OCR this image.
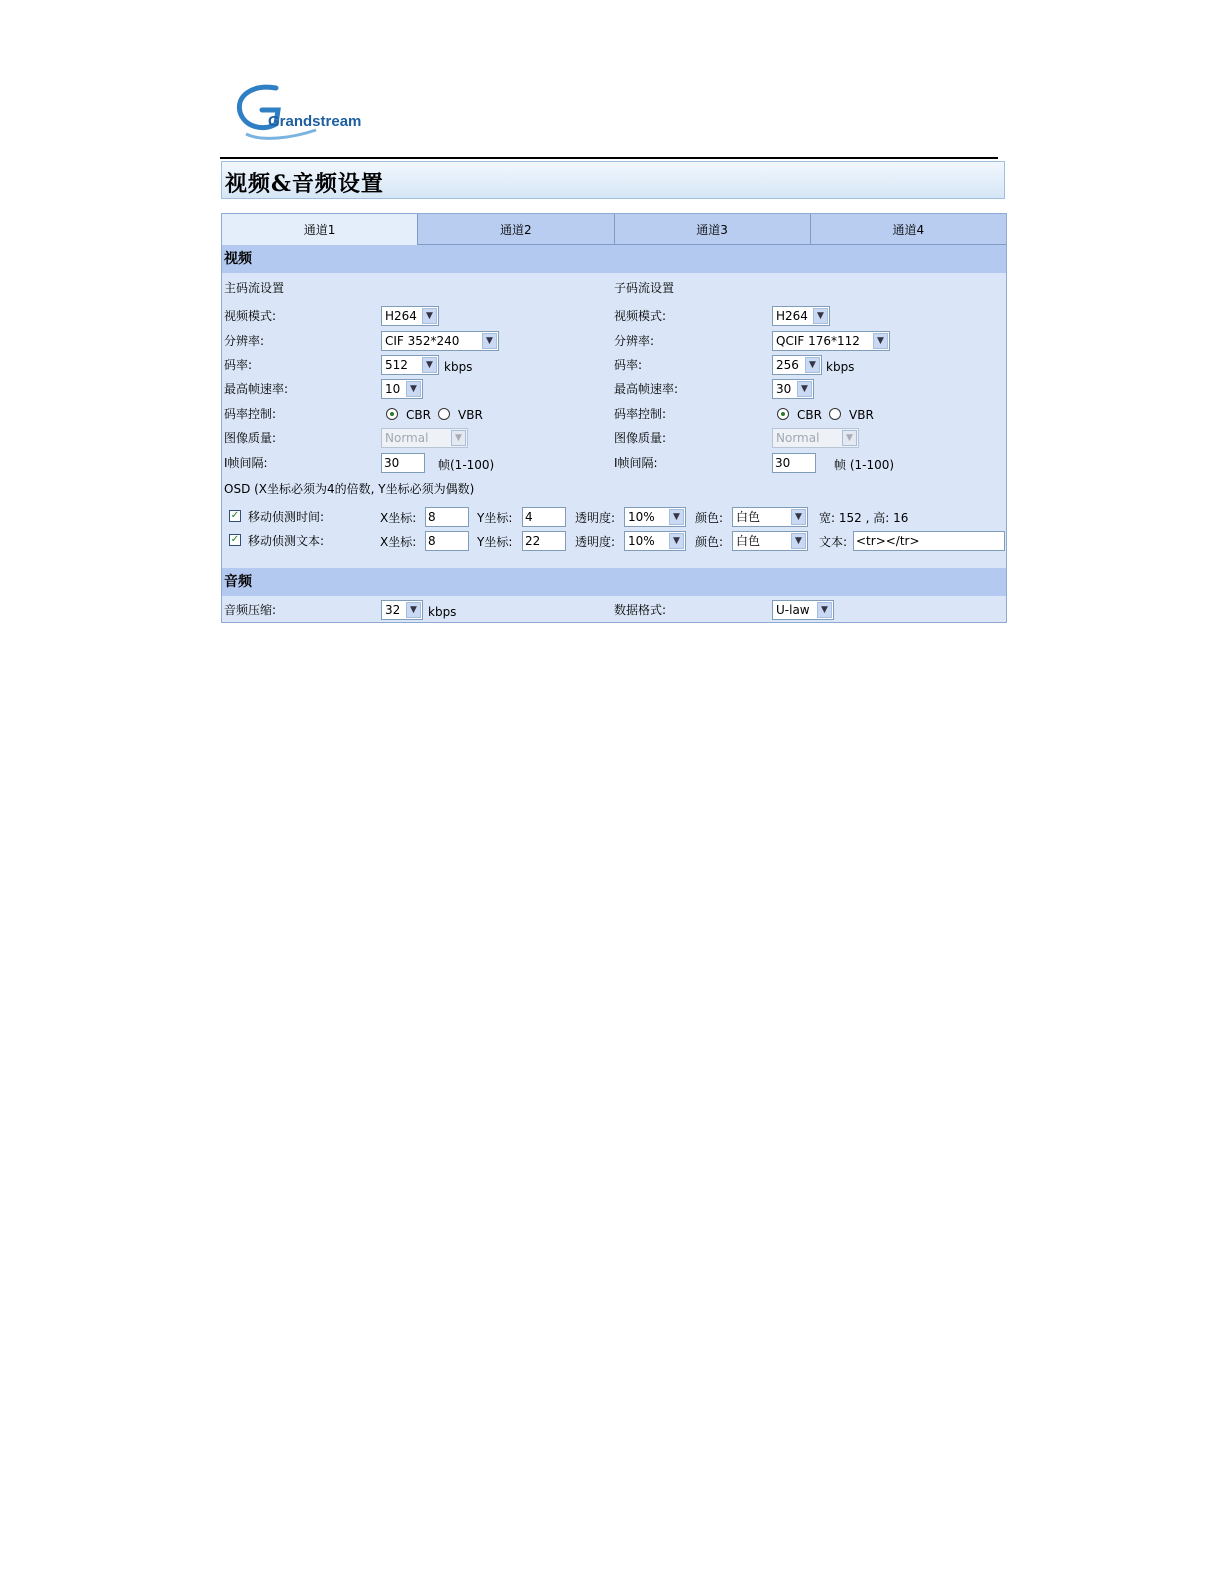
Grandstream
视频&音频设置
通道1	通道2	通道3	通道4
视频
主码流设置
视频模式:	H264	▼
分辨率:	CIF 352*240	▼
码率:	512	▼ kbps
最高帧速率:	10	▼
码率控制:	CBR VBR
图像质量:	Normal	▼
I帧间隔:	30	帧(1-100)
子码流设置
视频模式:	H264	▼
分辨率:	QCIF 176*112	▼
码率:	256	▼ kbps
最高帧速率:	30	▼
码率控制:	CBR VBR
图像质量:	Normal	▼
I帧间隔:	30	帧 (1-100)
OSD (X坐标必须为4的倍数, Y坐标必须为偶数)
✓ 移动侦测时间:	X坐标: 8	Y坐标: 4	透明度:	10%	▼	颜色:	白色	▼	宽: 152 , 高: 16
✓ 移动侦测文本:	X坐标: 8	Y坐标: 22	透明度:	10%	▼	颜色:	白色	▼	文本: <tr></tr>
音频
音频压缩:	32	▼ kbps	数据格式:	U-law	▼
